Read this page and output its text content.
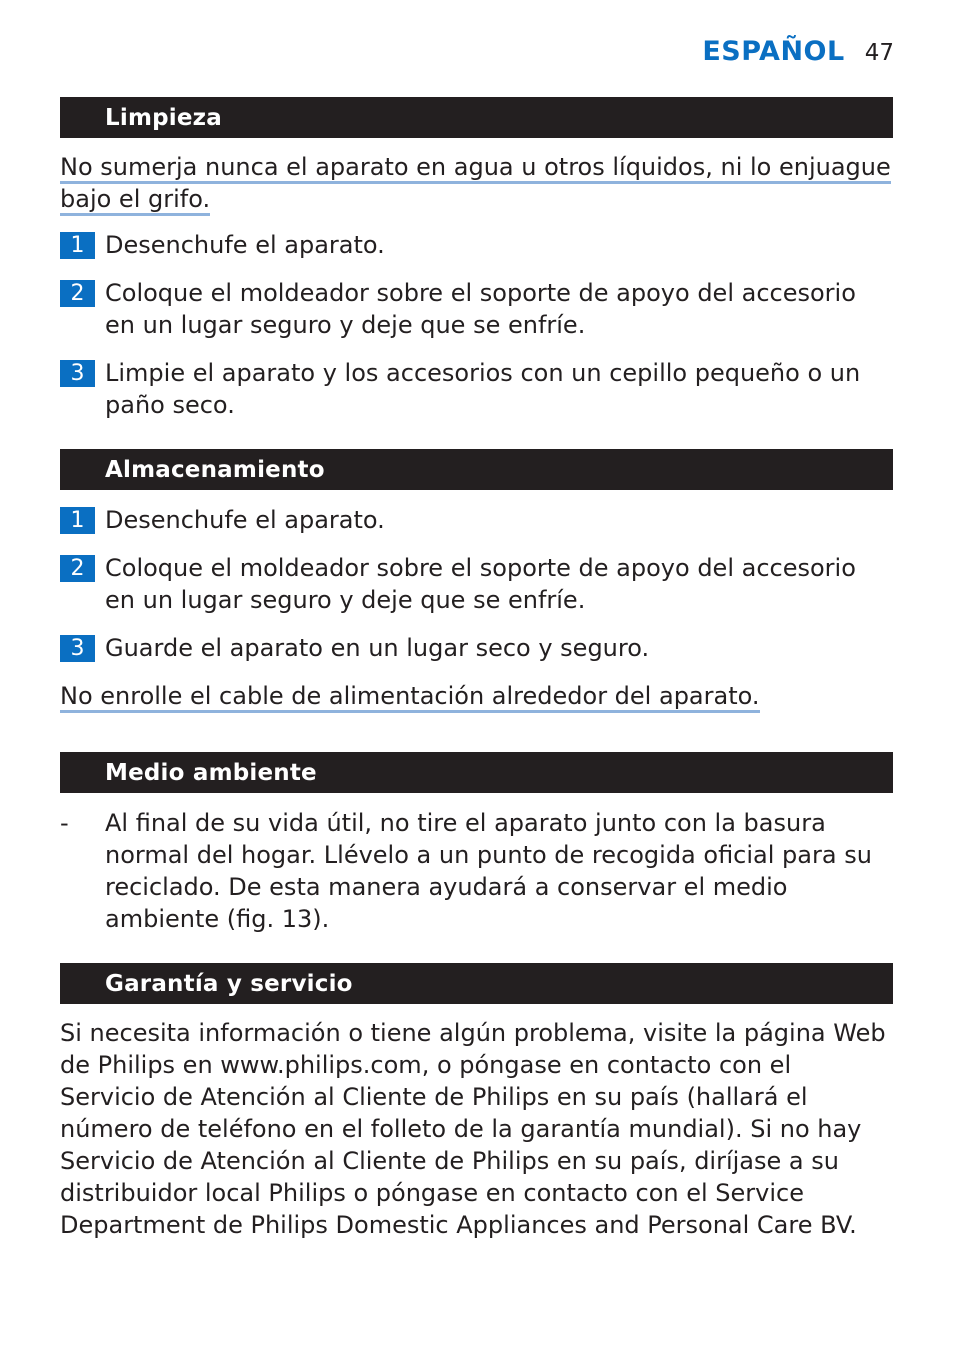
ESPAÑOL 47
Limpieza
No sumerja nunca el aparato en agua u otros líquidos, ni lo enjuague bajo el grifo.
1 Desenchufe el aparato.
2 Coloque el moldeador sobre el soporte de apoyo del accesorio en un lugar seguro y deje que se enfríe.
3 Limpie el aparato y los accesorios con un cepillo pequeño o un paño seco.
Almacenamiento
1 Desenchufe el aparato.
2 Coloque el moldeador sobre el soporte de apoyo del accesorio en un lugar seguro y deje que se enfríe.
3 Guarde el aparato en un lugar seco y seguro.
No enrolle el cable de alimentación alrededor del aparato.
Medio ambiente
- Al final de su vida útil, no tire el aparato junto con la basura normal del hogar. Llévelo a un punto de recogida oficial para su reciclado. De esta manera ayudará a conservar el medio ambiente (fig. 13).
Garantía y servicio
Si necesita información o tiene algún problema, visite la página Web de Philips en www.philips.com, o póngase en contacto con el Servicio de Atención al Cliente de Philips en su país (hallará el número de teléfono en el folleto de la garantía mundial). Si no hay Servicio de Atención al Cliente de Philips en su país, diríjase a su distribuidor local Philips o póngase en contacto con el Service Department de Philips Domestic Appliances and Personal Care BV.
